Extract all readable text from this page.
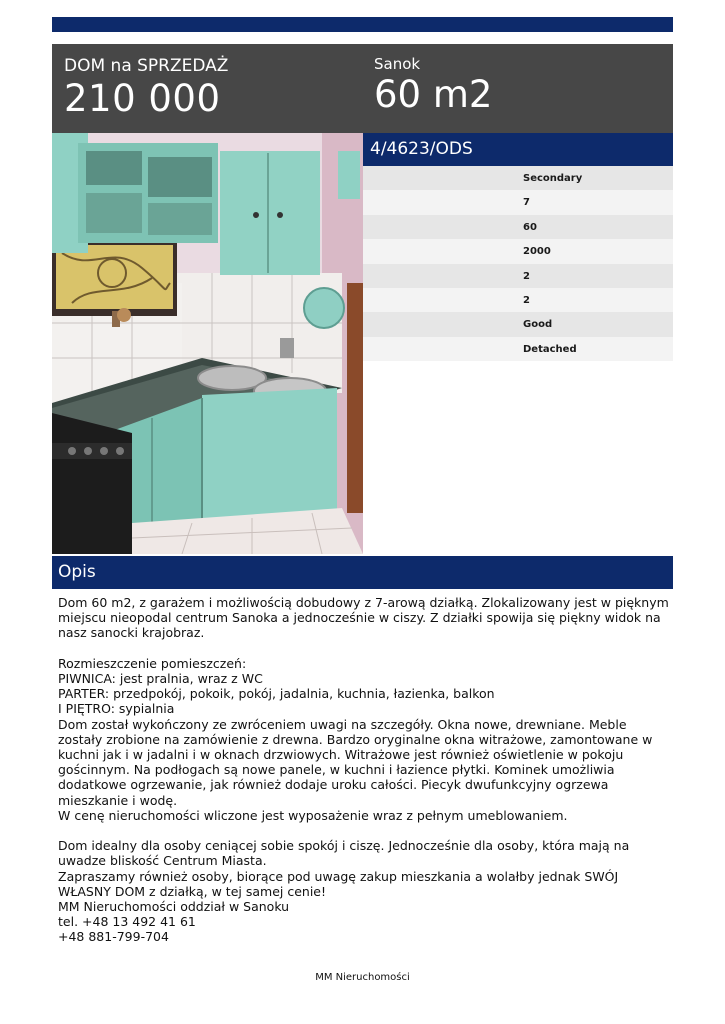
DOM na SPRZEDAŻ
210 000
Sanok
60 m2
4/4623/ODS
Secondary
7
60
2000
2
2
Good
Detached
Opis

Dom 60 m2, z garażem i możliwością dobudowy z 7-arową działką. Zlokalizowany jest w pięknym miejscu nieopodal centrum Sanoka a jednocześnie w ciszy. Z działki spowija się piękny widok na nasz sanocki krajobraz.

Rozmieszczenie pomieszczeń:

PIWNICA: jest pralnia, wraz z WC

PARTER: przedpokój, pokoik, pokój, jadalnia, kuchnia, łazienka, balkon

I PIĘTRO: sypialnia

Dom został wykończony ze zwróceniem uwagi na szczegóły. Okna nowe, drewniane. Meble zostały zrobione na zamówienie z drewna. Bardzo oryginalne okna witrażowe, zamontowane w kuchni jak i w jadalni i w oknach drzwiowych. Witrażowe jest również oświetlenie w pokoju gościnnym. Na podłogach są nowe panele, w kuchni i łazience płytki. Kominek umożliwia dodatkowe ogrzewanie, jak również dodaje uroku całości. Piecyk dwufunkcyjny ogrzewa mieszkanie i wodę.

W cenę nieruchomości wliczone jest wyposażenie wraz z pełnym umeblowaniem.

Dom idealny dla osoby ceniącej sobie spokój i ciszę. Jednocześnie dla osoby, która mają na uwadze bliskość Centrum Miasta.

Zapraszamy również osoby, biorące pod uwagę zakup mieszkania a wolałby jednak SWÓJ WŁASNY DOM z działką, w tej samej cenie!

MM Nieruchomości oddział w Sanoku

tel. +48 13 492 41 61

+48 881-799-704

MM Nieruchomości
